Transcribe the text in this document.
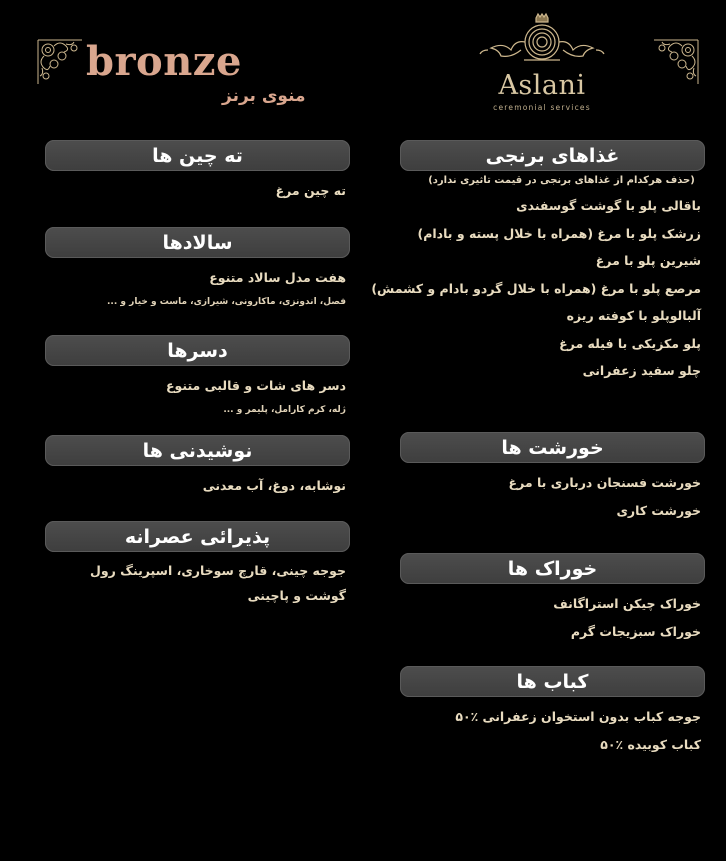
bronze
منوی برنز	Aslani
ceremonial services
غذاهای برنجی
(حذف هرکدام از غذاهای برنجی در قیمت تاثیری ندارد)
باقالی پلو با گوشت گوسفندی
زرشک پلو با مرغ (همراه با خلال پسته و بادام)
شیرین پلو با مرغ
مرصع پلو با مرغ (همراه با خلال گردو بادام و کشمش)
آلبالوپلو با کوفته ریزه
پلو مکزیکی با فیله مرغ
چلو سفید زعفرانی
خورشت ها
خورشت فسنجان درباری با مرغ
خورشت کاری
خوراک ها
خوراک چیکن استراگانف
خوراک سبزیجات گرم
کباب ها
جوجه کباب بدون استخوان زعفرانی ٪۵۰
کباب کوبیده ٪۵۰
ته چین ها
ته چین مرغ
سالادها
هفت مدل سالاد متنوع
فصل، اندونزی، ماکارونی، شیرازی، ماست و خیار و ...
دسرها
دسر های شات و قالبی متنوع
ژله، کرم کارامل، پلیمر و ...
نوشیدنی ها
نوشابه، دوغ، آب معدنی
پذیرائی عصرانه
جوجه چینی، قارچ سوخاری، اسپرینگ رول گوشت و پاچینی
